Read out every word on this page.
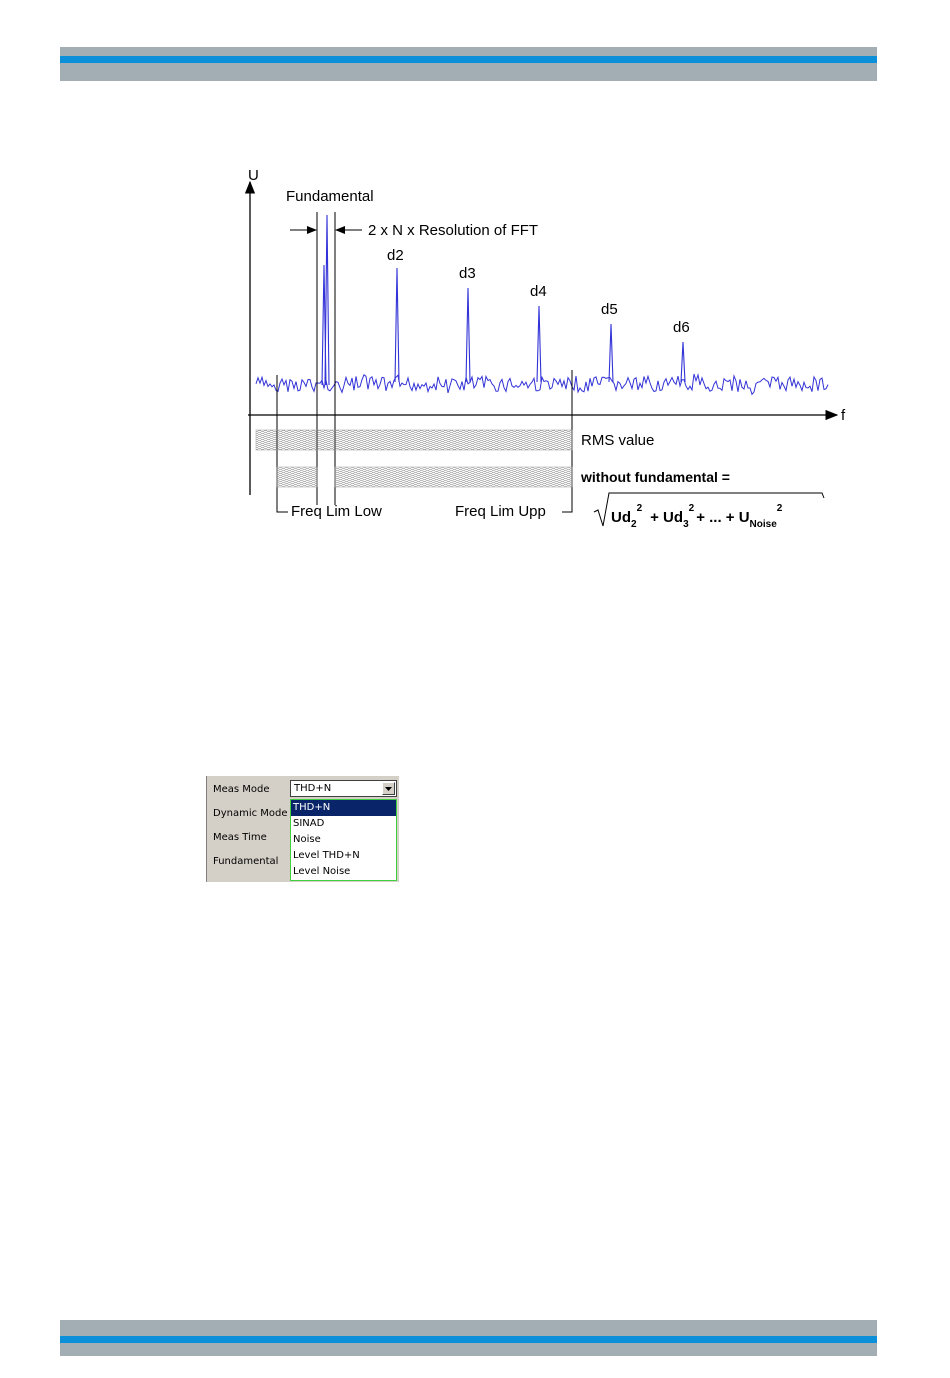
U
f
Fundamental
2 x N x Resolution of FFT
d2
d3
d4
d5
d6
RMS value
without fundamental =
Freq Lim Low	Freq Lim Upp	$Ud_2^2+ Ud_3^2+$ ... + $U_{Noise}^2$
Meas Mode
Dynamic Mode
Meas Time
Fundamental
THD+N
THD+N
SINAD
Noise
Level THD+N
Level Noise
